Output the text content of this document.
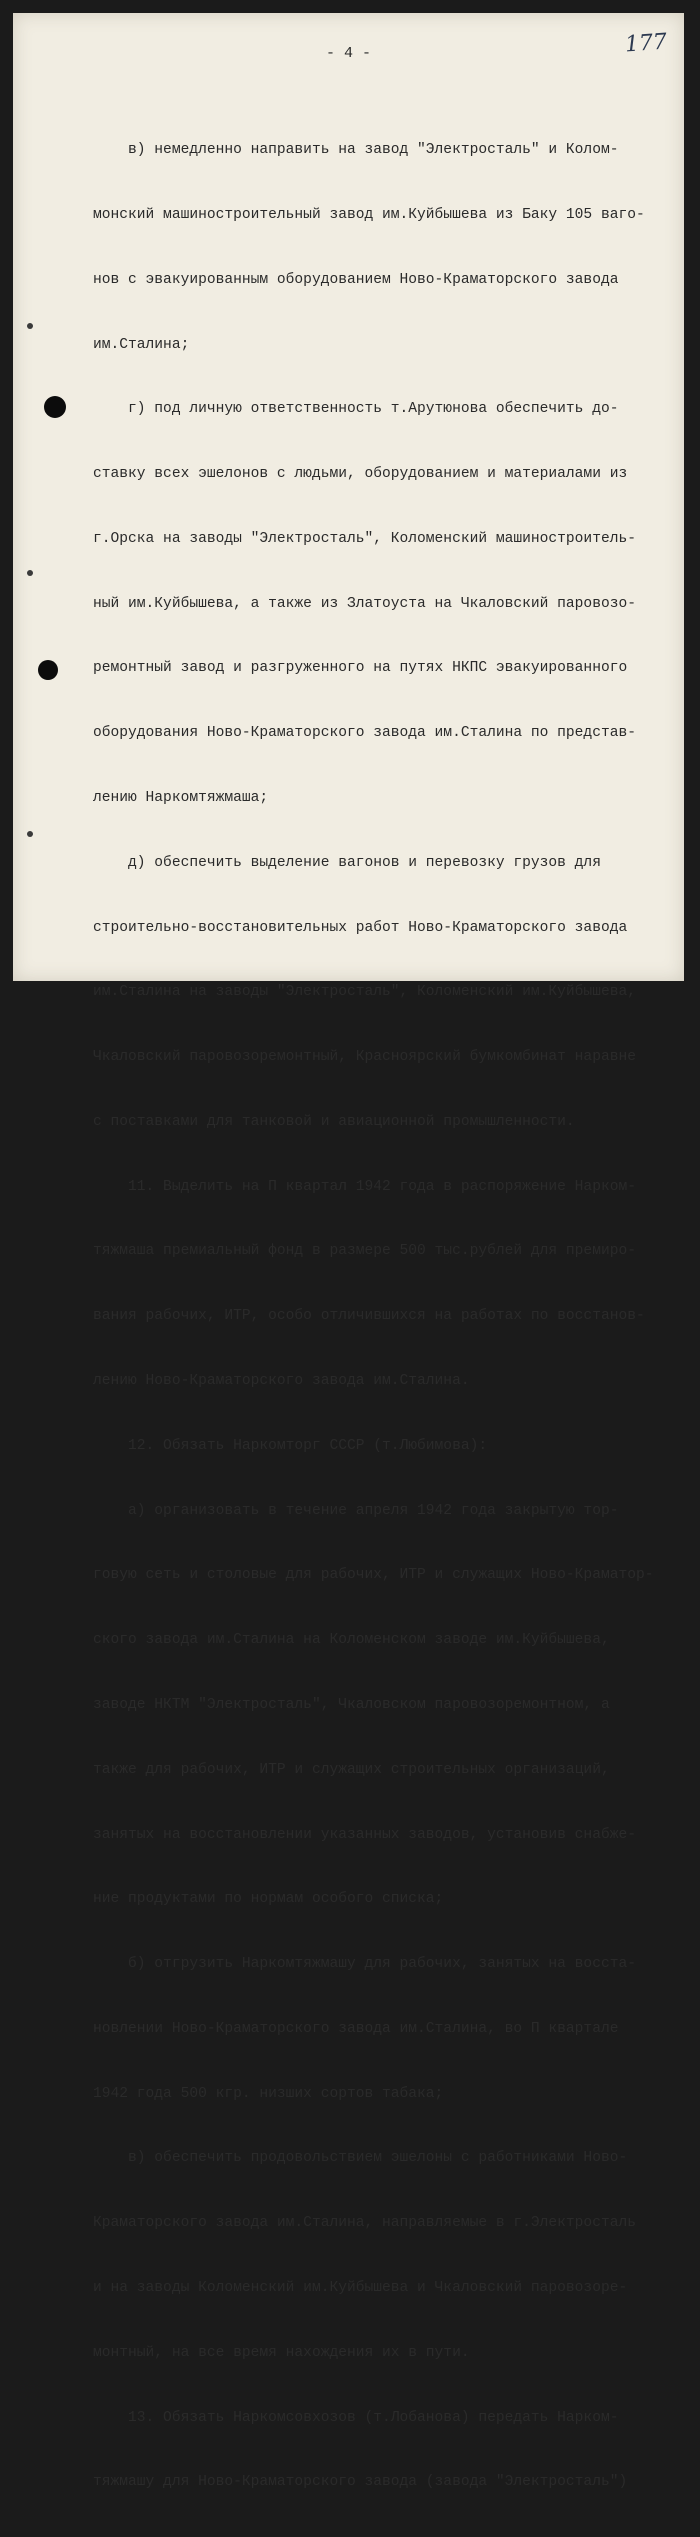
- 4 -	177

в) немедленно направить на завод "Электросталь" и Колом-

монский машиностроительный завод им.Куйбышева из Баку 105 ваго-

нов с эвакуированным оборудованием Ново-Краматорского завода

им.Сталина;

г) под личную ответственность т.Арутюнова обеспечить до-

ставку всех эшелонов с людьми, оборудованием и материалами из

г.Орска на заводы "Электросталь", Коломенский машиностроитель-

ный им.Куйбышева, а также из Златоуста на Чкаловский паровозо-

ремонтный завод и разгруженного на путях НКПС эвакуированного

оборудования Ново-Краматорского завода им.Сталина по представ-

лению Наркомтяжмаша;

д) обеспечить выделение вагонов и перевозку грузов для

строительно-восстановительных работ Ново-Краматорского завода

им.Сталина на заводы "Электросталь", Коломенский им.Куйбышева,

Чкаловский паровозоремонтный, Красноярский бумкомбинат наравне

с поставками для танковой и авиационной промышленности.

11. Выделить на П квартал 1942 года в распоряжение Нарком-

тяжмаша премиальный фонд в размере 500 тыс.рублей для премиро-

вания рабочих, ИТР, особо отличившихся на работах по восстанов-

лению Ново-Краматорского завода им.Сталина.

12. Обязать Наркомторг СССР (т.Любимова):

а) организовать в течение апреля 1942 года закрытую тор-

говую сеть и столовые для рабочих, ИТР и служащих Ново-Краматор-

ского завода им.Сталина на Коломенском заводе им.Куйбышева,

заводе НКТМ "Электросталь", Чкаловском паровозоремонтном, а

также для рабочих, ИТР и служащих строительных организаций,

занятых на восстановлении указанных заводов, установив снабже-

ние продуктами по нормам особого списка;

б) отгрузить Наркомтяжмашу для рабочих, занятых на восста-

новлении Ново-Краматорского завода им.Сталина, во П квартале

1942 года 500 кгр. низших сортов табака;

в) обеспечить продовольствием эшелоны с работниками Ново-

Краматорского завода им.Сталина, направляемые в г.Электросталь

и на заводы Коломенский им.Куйбышева и Чкаловский паровозоре-

монтный, на все время нахождения их в пути.

13. Обязать Наркомсовхозов (т.Лобанова) передать Нарком-

тяжмашу для Ново-Краматорского завода (завода "Электросталь")
